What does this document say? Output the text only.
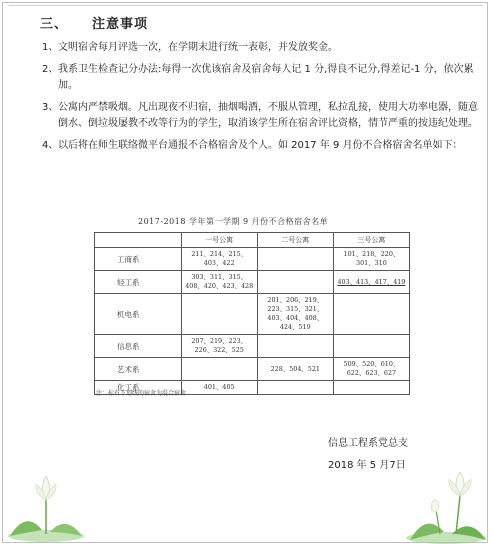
三、 注意事项
1、 文明宿舍每月评选一次，在学期末进行统一表彰，并发放奖金。
2、 我系卫生检查记分办法:每得一次优该宿舍及宿舍每人记 1 分,得良不记分,得差记-1 分，依次累加。
3、 公寓内严禁吸烟。凡出现夜不归宿，抽烟喝酒，不服从管理，私拉乱接，使用大功率电器，随意倒水、倒垃圾屡教不改等行为的学生，取消该学生所在宿舍评比资格，情节严重的按违纪处理。
4、 以后将在师生联络微平台通报不合格宿舍及个人。如 2017 年 9 月份不合格宿舍名单如下：
2017-2018 学年第一学期 9 月份不合格宿舍名单
	一号公寓	二号公寓	三号公寓
工商系	211、214、215、403、422		101、218、220、301、310
轻工系	303、311、315、408、420、423、428		403、413、417、419
机电系		201、206、219、223、315、321、403、404、408、424、519	
信息系	207、219、223、226、322、525		
艺术系		228、504、521	509、520、610、622、623、627
化工系	401、405		
注：标有下划线的宿舍为混合宿舍
信息工程系党总支
2018 年 5 月7日
